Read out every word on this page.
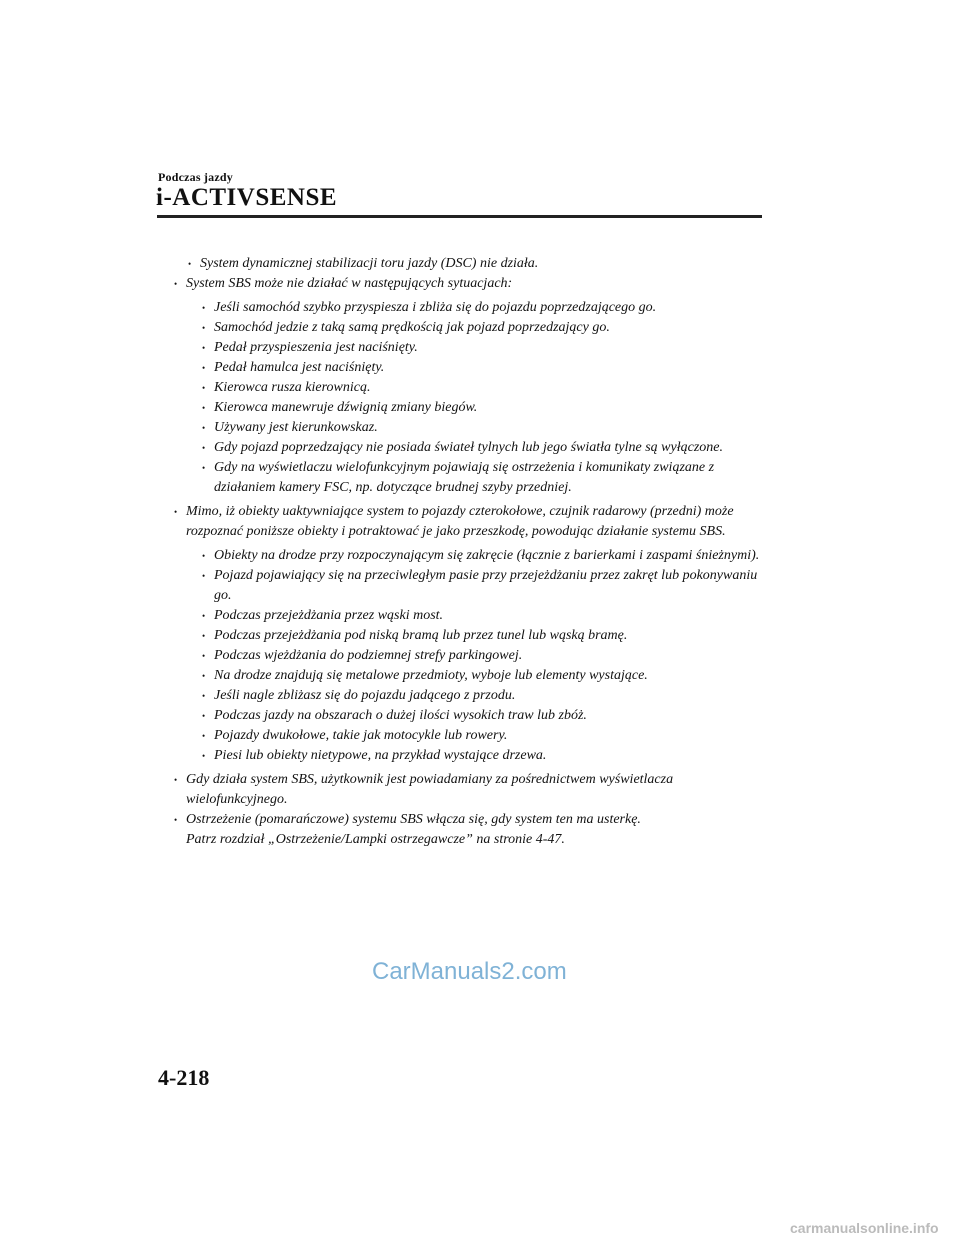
Podczas jazdy
i-ACTIVSENSE
• System dynamicznej stabilizacji toru jazdy (DSC) nie działa.
• System SBS może nie działać w następujących sytuacjach:
• Jeśli samochód szybko przyspiesza i zbliża się do pojazdu poprzedzającego go.
• Samochód jedzie z taką samą prędkością jak pojazd poprzedzający go.
• Pedał przyspieszenia jest naciśnięty.
• Pedał hamulca jest naciśnięty.
• Kierowca rusza kierownicą.
• Kierowca manewruje dźwignią zmiany biegów.
• Używany jest kierunkowskaz.
• Gdy pojazd poprzedzający nie posiada świateł tylnych lub jego światła tylne są wyłączone.
• Gdy na wyświetlaczu wielofunkcyjnym pojawiają się ostrzeżenia i komunikaty związane z działaniem kamery FSC, np. dotyczące brudnej szyby przedniej.
• Mimo, iż obiekty uaktywniające system to pojazdy czterokołowe, czujnik radarowy (przedni) może rozpoznać poniższe obiekty i potraktować je jako przeszkodę, powodując działanie systemu SBS.
• Obiekty na drodze przy rozpoczynającym się zakręcie (łącznie z barierkami i zaspami śnieżnymi).
• Pojazd pojawiający się na przeciwległym pasie przy przejeżdżaniu przez zakręt lub pokonywaniu go.
• Podczas przejeżdżania przez wąski most.
• Podczas przejeżdżania pod niską bramą lub przez tunel lub wąską bramę.
• Podczas wjeżdżania do podziemnej strefy parkingowej.
• Na drodze znajdują się metalowe przedmioty, wyboje lub elementy wystające.
• Jeśli nagle zbliżasz się do pojazdu jadącego z przodu.
• Podczas jazdy na obszarach o dużej ilości wysokich traw lub zbóż.
• Pojazdy dwukołowe, takie jak motocykle lub rowery.
• Piesi lub obiekty nietypowe, na przykład wystające drzewa.
• Gdy działa system SBS, użytkownik jest powiadamiany za pośrednictwem wyświetlacza wielofunkcyjnego.
• Ostrzeżenie (pomarańczowe) systemu SBS włącza się, gdy system ten ma usterkę.
Patrz rozdział „Ostrzeżenie/Lampki ostrzegawcze” na stronie 4-47.
CarManuals2.com
4-218
carmanualsonline.info
